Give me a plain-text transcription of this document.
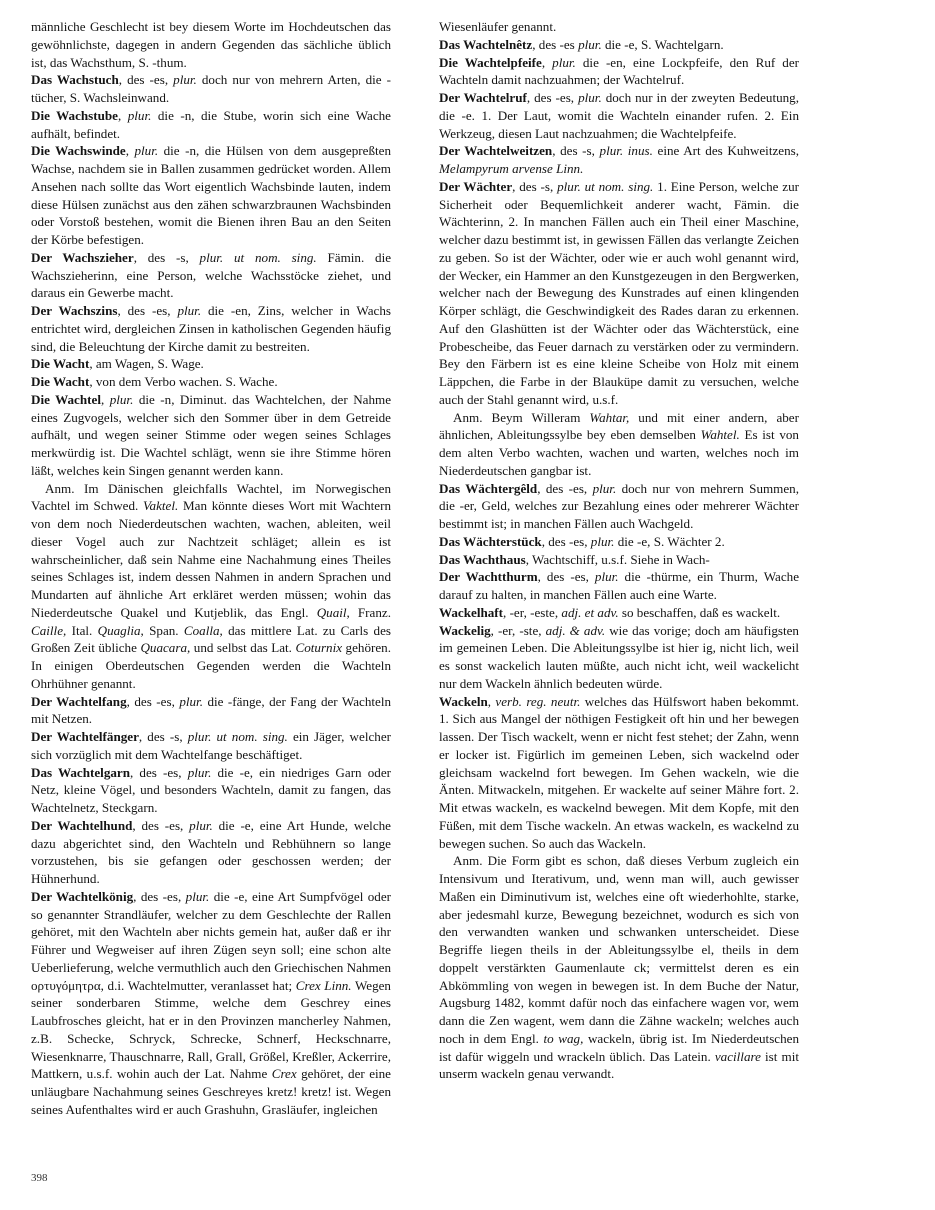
männliche Geschlecht ist bey diesem Worte im Hochdeutschen das gewöhnlichste, dagegen in andern Gegenden das sächliche üblich ist, das Wachsthum, S. -thum.

Das Wachstuch, des -es, plur. doch nur von mehrern Arten, die -tücher, S. Wachsleinwand.

Die Wachstube, plur. die -n, die Stube, worin sich eine Wache aufhält, befindet.

Die Wachswinde, plur. die -n, die Hülsen von dem ausgepreßten Wachse, nachdem sie in Ballen zusammen gedrücket worden. Allem Ansehen nach sollte das Wort eigentlich Wachsbinde lauten, indem diese Hülsen zunächst aus den zähen schwarzbraunen Wachsbinden oder Vorstoß bestehen, womit die Bienen ihren Bau an den Seiten der Körbe befestigen.

Der Wachszieher, des -s, plur. ut nom. sing. Fämin. die Wachszieherinn, eine Person, welche Wachsstöcke ziehet, und daraus ein Gewerbe macht.

Der Wachszins, des -es, plur. die -en, Zins, welcher in Wachs entrichtet wird, dergleichen Zinsen in katholischen Gegenden häufig sind, die Beleuchtung der Kirche damit zu bestreiten.

Die Wacht, am Wagen, S. Wage.

Die Wacht, von dem Verbo wachen. S. Wache.

Die Wachtel, plur. die -n, Diminut. das Wachtelchen, der Nahme eines Zugvogels, welcher sich den Sommer über in dem Getreide aufhält, und wegen seiner Stimme oder wegen seines Schlages merkwürdig ist. Die Wachtel schlägt, wenn sie ihre Stimme hören läßt, welches kein Singen genannt werden kann.

Anm. Im Dänischen gleichfalls Wachtel, im Norwegischen Vachtel im Schwed. Vaktel. Man könnte dieses Wort mit Wachtern von dem noch Niederdeutschen wachten, wachen, ableiten, weil dieser Vogel auch zur Nachtzeit schläget; allein es ist wahrscheinlicher, daß sein Nahme eine Nachahmung eines Theiles seines Schlages ist, indem dessen Nahmen in andern Sprachen und Mundarten auf ähnliche Art erkläret werden müssen; wohin das Niederdeutsche Quakel und Kutjeblik, das Engl. Quail, Franz. Caille, Ital. Quaglia, Span. Coalla, das mittlere Lat. zu Carls des Großen Zeit übliche Quacara, und selbst das Lat. Coturnix gehören. In einigen Oberdeutschen Gegenden werden die Wachteln Ohrhühner genannt.

Der Wachtelfang, des -es, plur. die -fänge, der Fang der Wachteln mit Netzen.

Der Wachtelfänger, des -s, plur. ut nom. sing. ein Jäger, welcher sich vorzüglich mit dem Wachtelfange beschäftiget.

Das Wachtelgarn, des -es, plur. die -e, ein niedriges Garn oder Netz, kleine Vögel, und besonders Wachteln, damit zu fangen, das Wachtelnetz, Steckgarn.

Der Wachtelhund, des -es, plur. die -e, eine Art Hunde, welche dazu abgerichtet sind, den Wachteln und Rebhühnern so lange vorzustehen, bis sie gefangen oder geschossen werden; der Hühnerhund.

Der Wachtelkönig, des -es, plur. die -e, eine Art Sumpfvögel oder so genannter Strandläufer, welcher zu dem Geschlechte der Rallen gehöret, mit den Wachteln aber nichts gemein hat, außer daß er ihr Führer und Wegweiser auf ihren Zügen seyn soll; eine schon alte Ueberlieferung, welche vermuthlich auch den Griechischen Nahmen ορτυγόμητρα, d.i. Wachtelmutter, veranlasset hat; Crex Linn. Wegen seiner sonderbaren Stimme, welche dem Geschrey eines Laubfrosches gleicht, hat er in den Provinzen mancherley Nahmen, z.B. Schecke, Schryck, Schrecke, Schnerf, Heckschnarre, Wiesenknarre, Thauschnarre, Rall, Grall, Größel, Kreßler, Ackerrire, Mattkern, u.s.f. wohin auch der Lat. Nahme Crex gehöret, der eine unläugbare Nachahmung seines Geschreyes kretz! kretz! ist. Wegen seines Aufenthaltes wird er auch Grashuhn, Grasläufer, ingleichen

Wiesenläufer genannt.

Das Wachtelnêtz, des -es plur. die -e, S. Wachtelgarn.

Die Wachtelpfeife, plur. die -en, eine Lockpfeife, den Ruf der Wachteln damit nachzuahmen; der Wachtelruf.

Der Wachtelruf, des -es, plur. doch nur in der zweyten Bedeutung, die -e. 1. Der Laut, womit die Wachteln einander rufen. 2. Ein Werkzeug, diesen Laut nachzuahmen; die Wachtelpfeife.

Der Wachtelweitzen, des -s, plur. inus. eine Art des Kuhweitzens, Melampyrum arvense Linn.

Der Wächter, des -s, plur. ut nom. sing. 1. Eine Person, welche zur Sicherheit oder Bequemlichkeit anderer wacht, Fämin. die Wächterinn, 2. In manchen Fällen auch ein Theil einer Maschine, welcher dazu bestimmt ist, in gewissen Fällen das verlangte Zeichen zu geben. So ist der Wächter, oder wie er auch wohl genannt wird, der Wecker, ein Hammer an den Kunstgezeugen in den Bergwerken, welcher nach der Bewegung des Kunstrades auf einen klingenden Körper schlägt, die Geschwindigkeit des Rades daran zu erkennen. Auf den Glashütten ist der Wächter oder das Wächterstück, eine Probescheibe, das Feuer darnach zu verstärken oder zu vermindern. Bey den Färbern ist es eine kleine Scheibe von Holz mit einem Läppchen, die Farbe in der Blauküpe damit zu versuchen, welche auch der Stahl genannt wird, u.s.f.

Anm. Beym Willeram Wahtar, und mit einer andern, aber ähnlichen, Ableitungssylbe bey eben demselben Wahtel. Es ist von dem alten Verbo wachten, wachen und warten, welches noch im Niederdeutschen gangbar ist.

Das Wächtergêld, des -es, plur. doch nur von mehrern Summen, die -er, Geld, welches zur Bezahlung eines oder mehrerer Wächter bestimmt ist; in manchen Fällen auch Wachgeld.

Das Wächterstück, des -es, plur. die -e, S. Wächter 2.

Das Wachthaus, Wachtschiff, u.s.f. Siehe in Wach-

Der Wachtthurm, des -es, plur. die -thürme, ein Thurm, Wache darauf zu halten, in manchen Fällen auch eine Warte.

Wackelhaft, -er, -este, adj. et adv. so beschaffen, daß es wackelt.

Wackelig, -er, -ste, adj. & adv. wie das vorige; doch am häufigsten im gemeinen Leben. Die Ableitungssylbe ist hier ig, nicht lich, weil es sonst wackelich lauten müßte, auch nicht icht, weil wackelicht nur dem Wackeln ähnlich bedeuten würde.

Wackeln, verb. reg. neutr. welches das Hülfswort haben bekommt. 1. Sich aus Mangel der nöthigen Festigkeit oft hin und her bewegen lassen. Der Tisch wackelt, wenn er nicht fest stehet; der Zahn, wenn er locker ist. Figürlich im gemeinen Leben, sich wackelnd oder gleichsam wackelnd fort bewegen. Im Gehen wackeln, wie die Änten. Mitwackeln, mitgehen. Er wackelte auf seiner Mähre fort. 2. Mit etwas wackeln, es wackelnd bewegen. Mit dem Kopfe, mit den Füßen, mit dem Tische wackeln. An etwas wackeln, es wackelnd zu bewegen suchen. So auch das Wackeln.

Anm. Die Form gibt es schon, daß dieses Verbum zugleich ein Intensivum und Iterativum, und, wenn man will, auch gewisser Maßen ein Diminutivum ist, welches eine oft wiederhohlte, starke, aber jedesmahl kurze, Bewegung bezeichnet, wodurch es sich von den verwandten wanken und schwanken unterscheidet. Diese Begriffe liegen theils in der Ableitungssylbe el, theils in dem doppelt verstärkten Gaumenlaute ck; vermittelst deren es ein Abkömmling von wegen in bewegen ist. In dem Buche der Natur, Augsburg 1482, kommt dafür noch das einfachere wagen vor, wem dann die Zen wagent, wem dann die Zähne wackeln; welches auch noch in dem Engl. to wag, wackeln, übrig ist. Im Niederdeutschen ist dafür wiggeln und wrackeln üblich. Das Latein. vacillare ist mit unserm wackeln genau verwandt.

398
